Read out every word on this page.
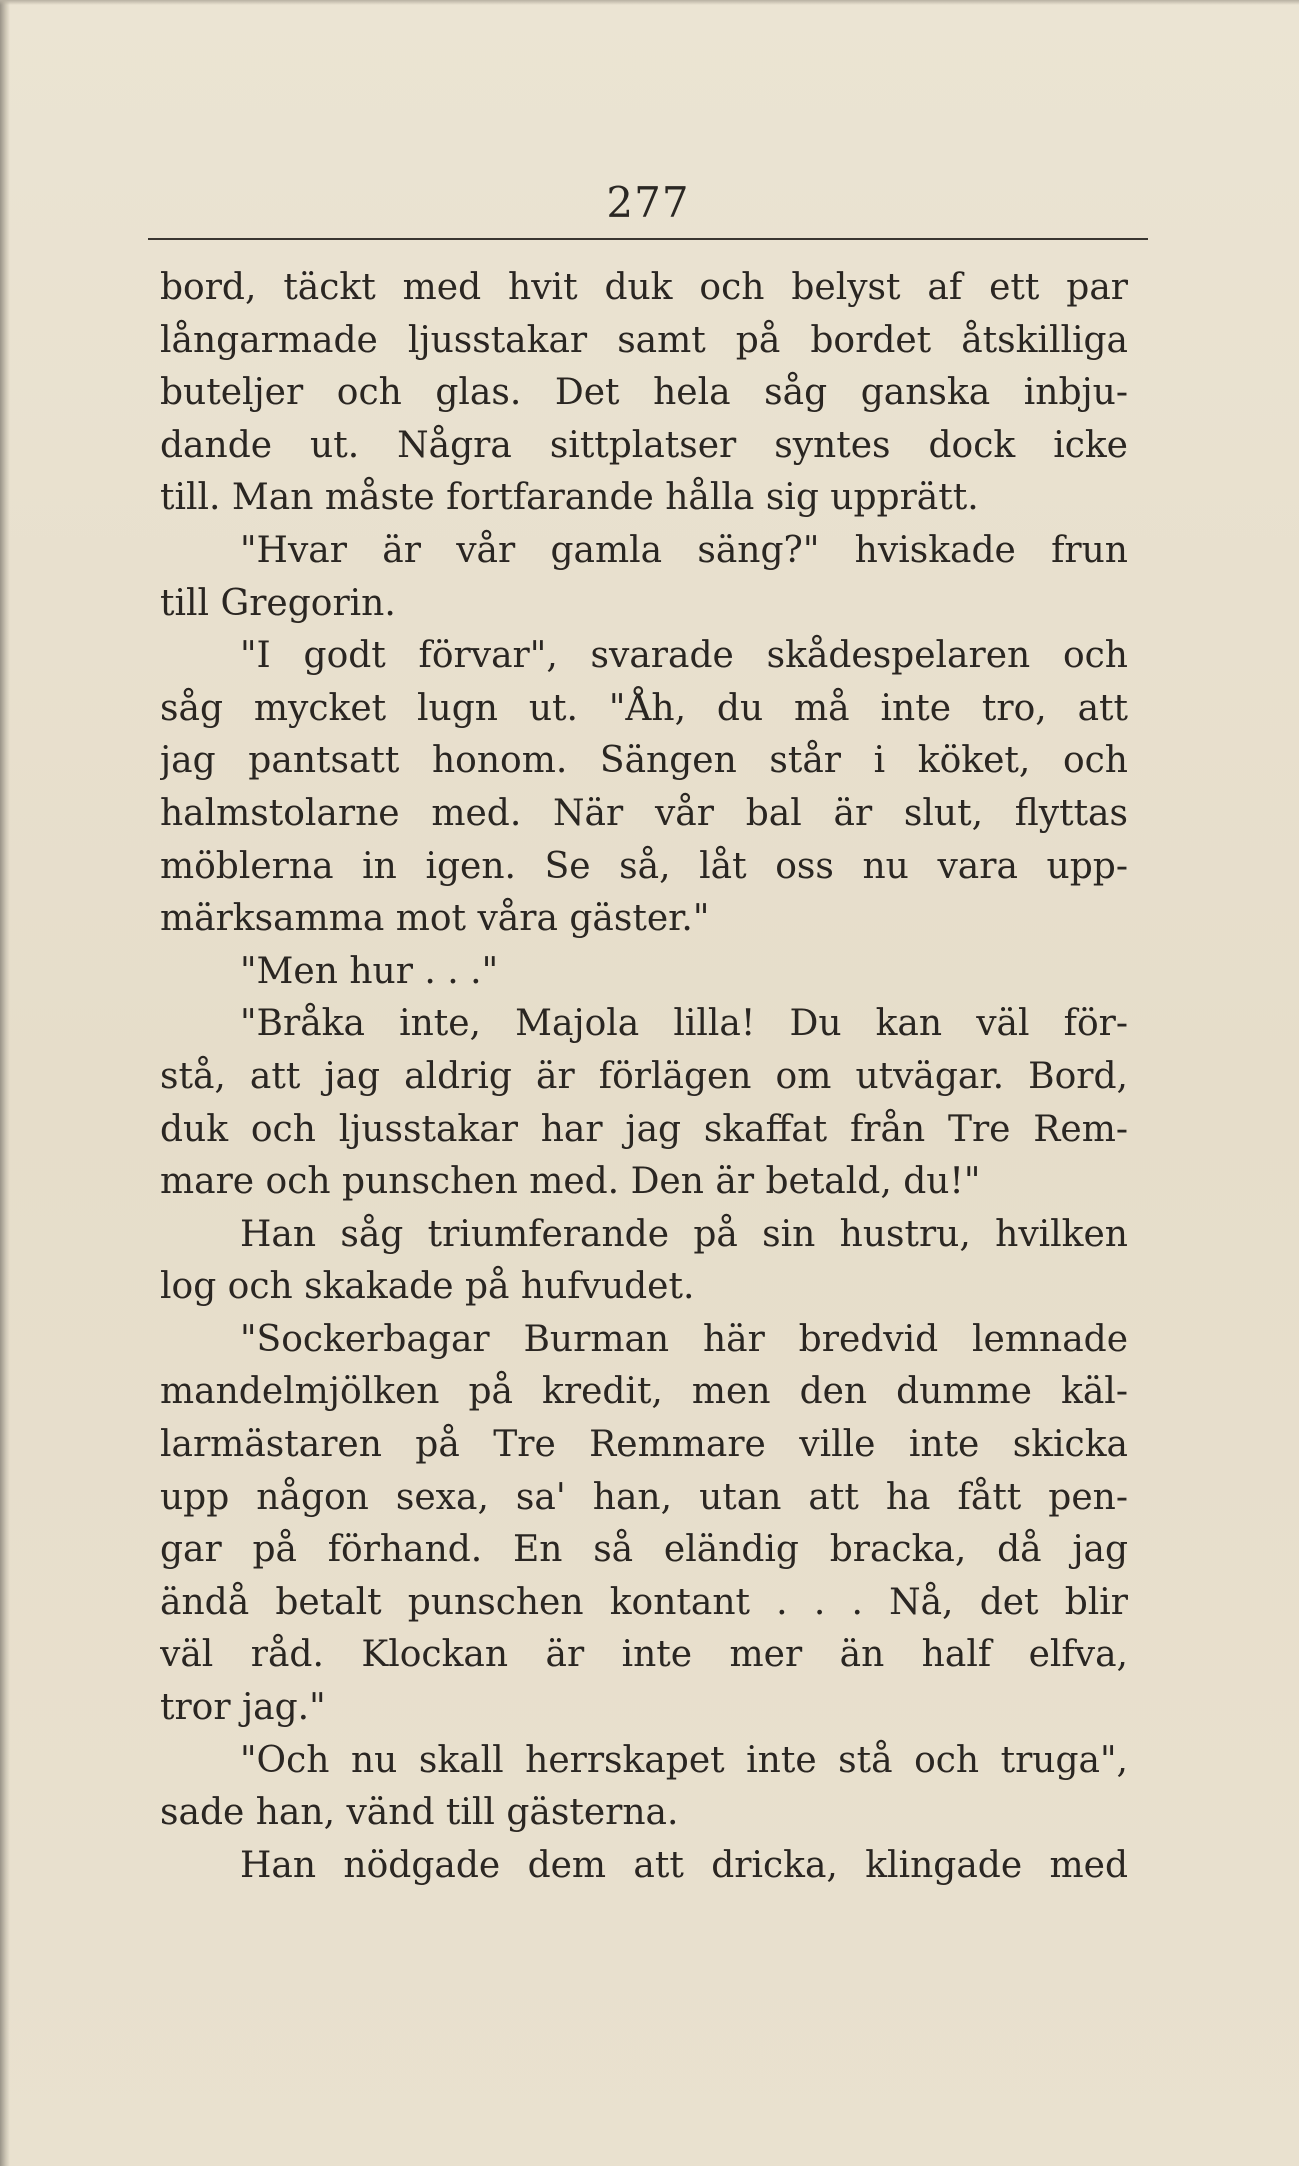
277
bord, täckt med hvit duk och belyst af ett par
långarmade ljusstakar samt på bordet åtskilliga
buteljer och glas. Det hela såg ganska inbju-
dande ut. Några sittplatser syntes dock icke
till. Man måste fortfarande hålla sig upprätt.
"Hvar är vår gamla säng?" hviskade frun
till Gregorin.
"I godt förvar", svarade skådespelaren och
såg mycket lugn ut. "Åh, du må inte tro, att
jag pantsatt honom. Sängen står i köket, och
halmstolarne med. När vår bal är slut, flyttas
möblerna in igen. Se så, låt oss nu vara upp-
märksamma mot våra gäster."
"Men hur . . ."
"Bråka inte, Majola lilla! Du kan väl för-
stå, att jag aldrig är förlägen om utvägar. Bord,
duk och ljusstakar har jag skaffat från Tre Rem-
mare och punschen med. Den är betald, du!"
Han såg triumferande på sin hustru, hvilken
log och skakade på hufvudet.
"Sockerbagar Burman här bredvid lemnade
mandelmjölken på kredit, men den dumme käl-
larmästaren på Tre Remmare ville inte skicka
upp någon sexa, sa' han, utan att ha fått pen-
gar på förhand. En så eländig bracka, då jag
ändå betalt punschen kontant . . . Nå, det blir
väl råd. Klockan är inte mer än half elfva,
tror jag."
"Och nu skall herrskapet inte stå och truga",
sade han, vänd till gästerna.
Han nödgade dem att dricka, klingade med
